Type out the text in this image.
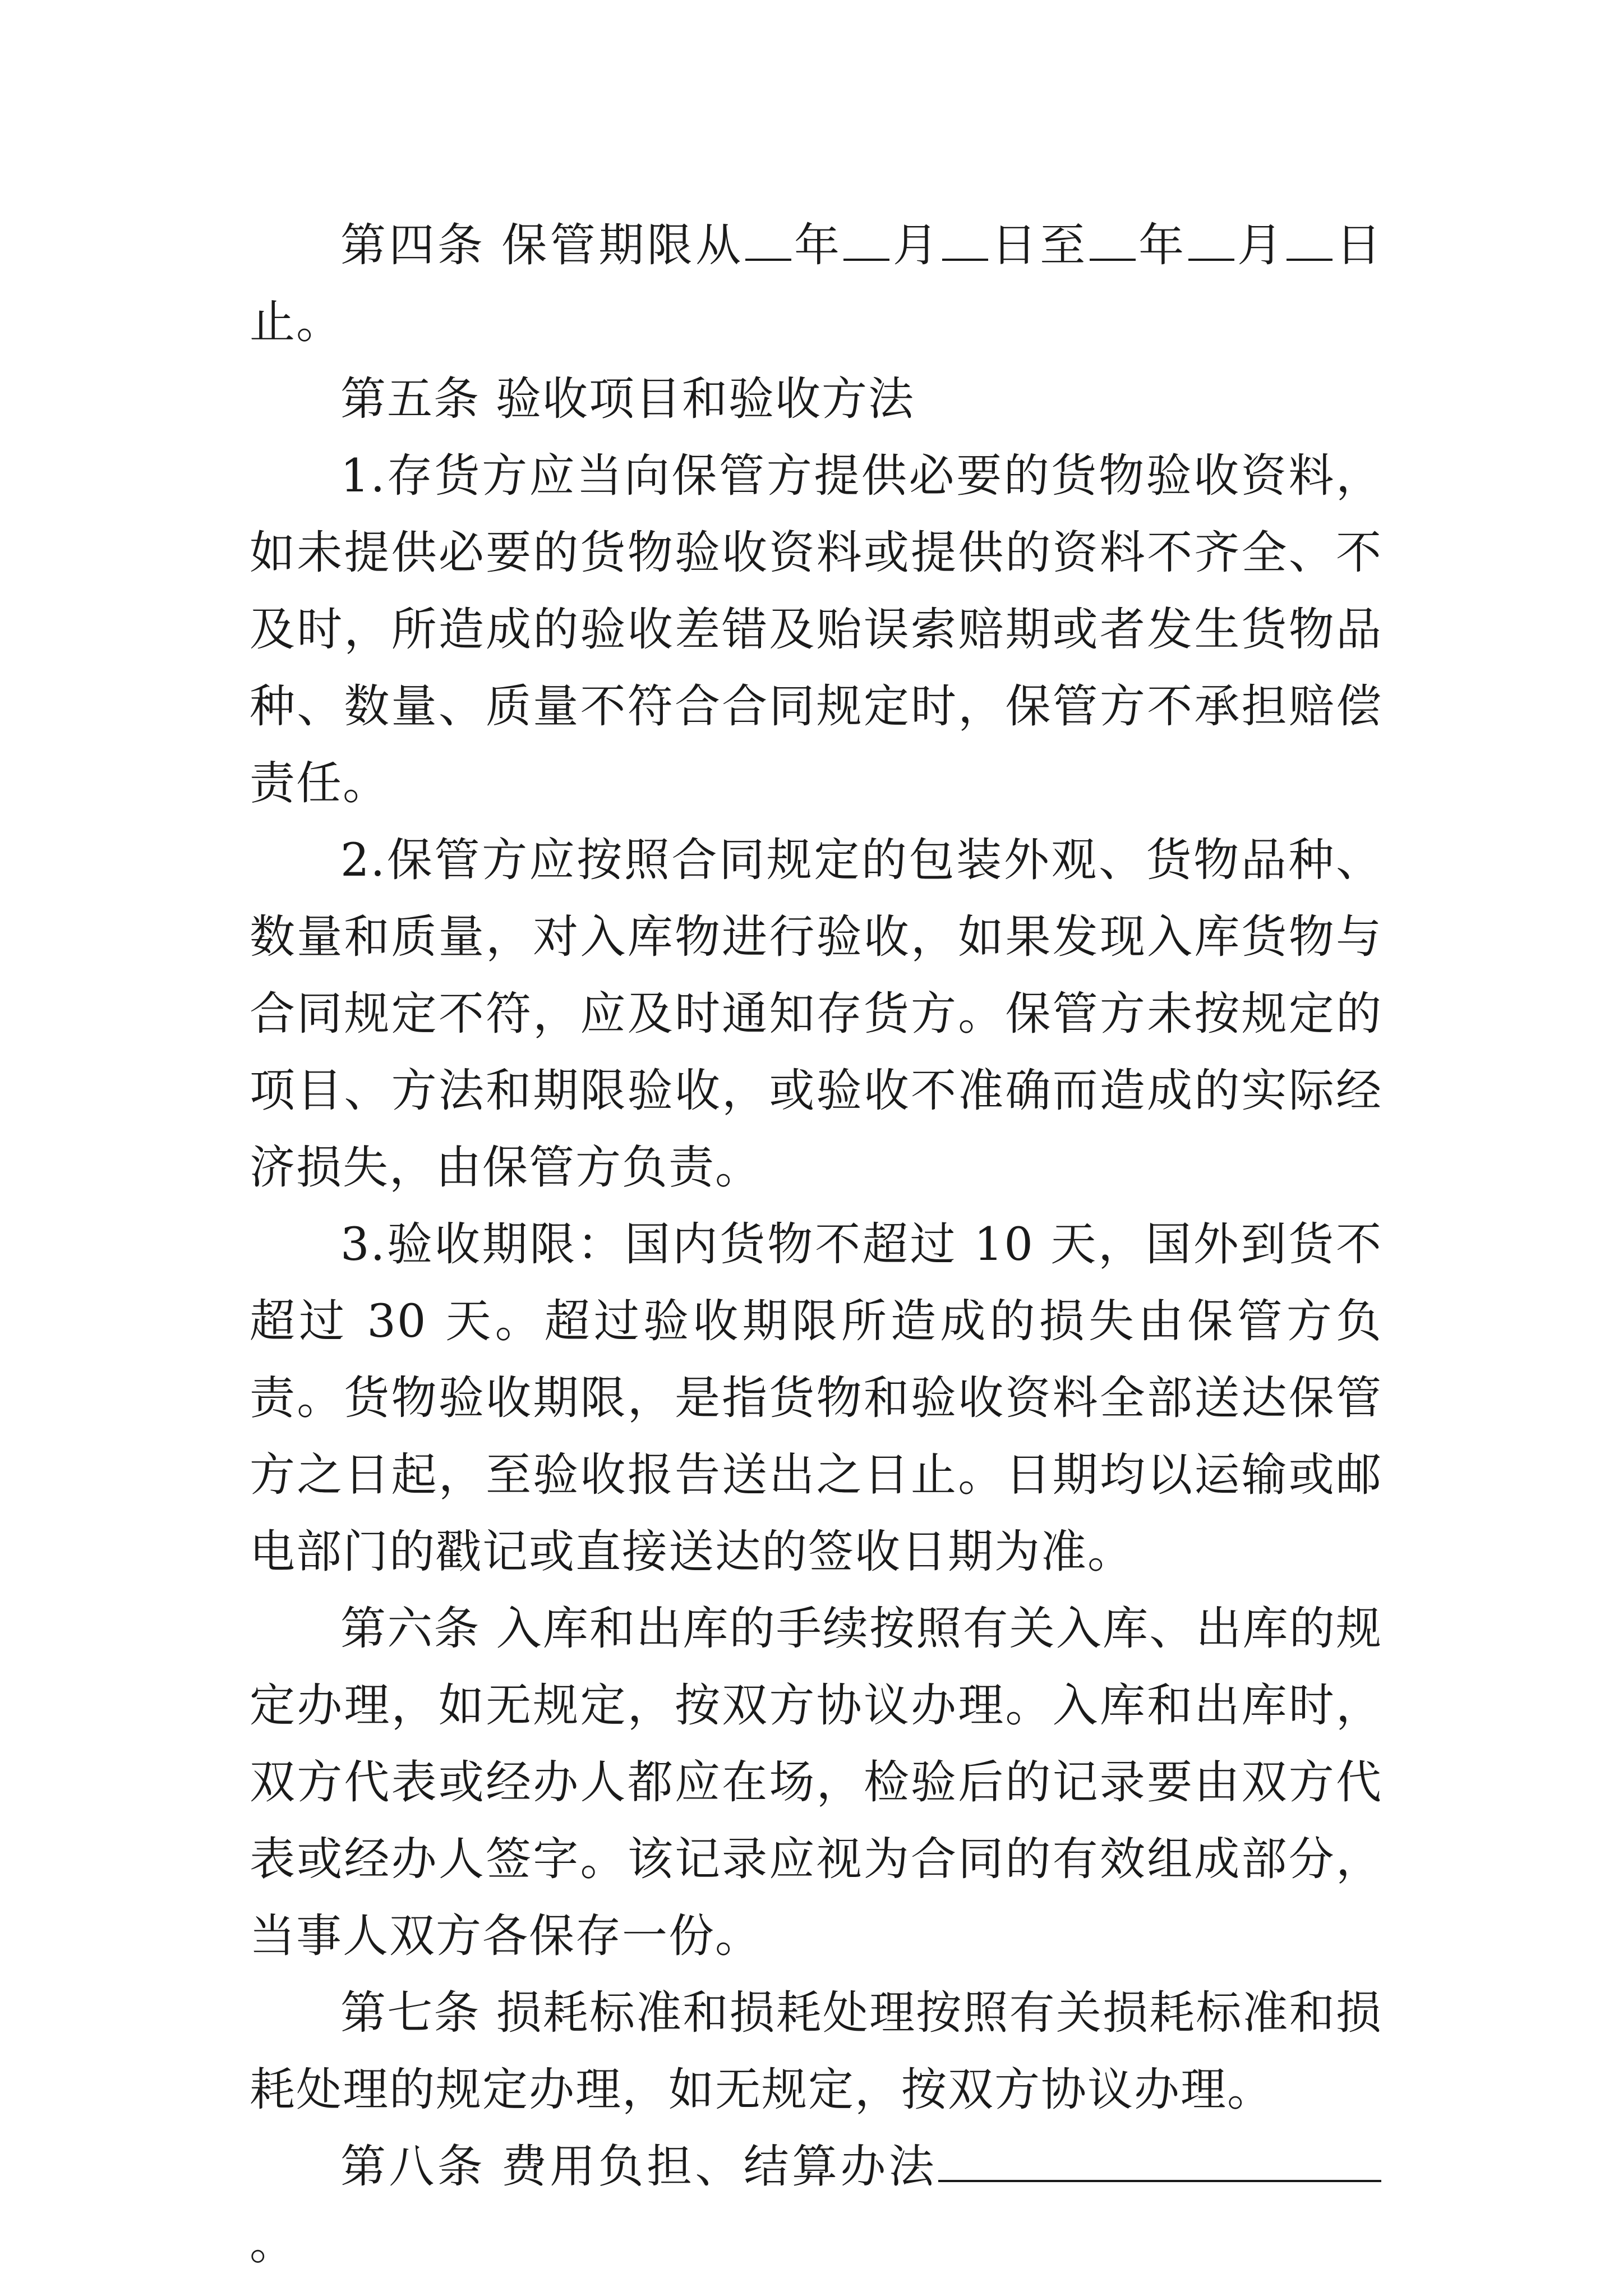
第四条 保管期限从 年 月 日至 年 月 日止。

第五条 验收项目和验收方法

1.存货方应当向保管方提供必要的货物验收资料，如未提供必要的货物验收资料或提供的资料不齐全、不及时，所造成的验收差错及贻误索赔期或者发生货物品种、数量、质量不符合合同规定时，保管方不承担赔偿责任。

2.保管方应按照合同规定的包装外观、货物品种、数量和质量，对入库物进行验收，如果发现入库货物与合同规定不符，应及时通知存货方。保管方未按规定的项目、方法和期限验收，或验收不准确而造成的实际经济损失，由保管方负责。

3.验收期限：国内货物不超过 10 天，国外到货不超过 30 天。超过验收期限所造成的损失由保管方负责。货物验收期限，是指货物和验收资料全部送达保管方之日起，至验收报告送出之日止。日期均以运输或邮电部门的戳记或直接送达的签收日期为准。

第六条 入库和出库的手续按照有关入库、出库的规定办理，如无规定，按双方协议办理。入库和出库时，双方代表或经办人都应在场，检验后的记录要由双方代表或经办人签字。该记录应视为合同的有效组成部分，当事人双方各保存一份。

第七条 损耗标准和损耗处理按照有关损耗标准和损耗处理的规定办理，如无规定，按双方协议办理。

第八条 费用负担、结算办法。
